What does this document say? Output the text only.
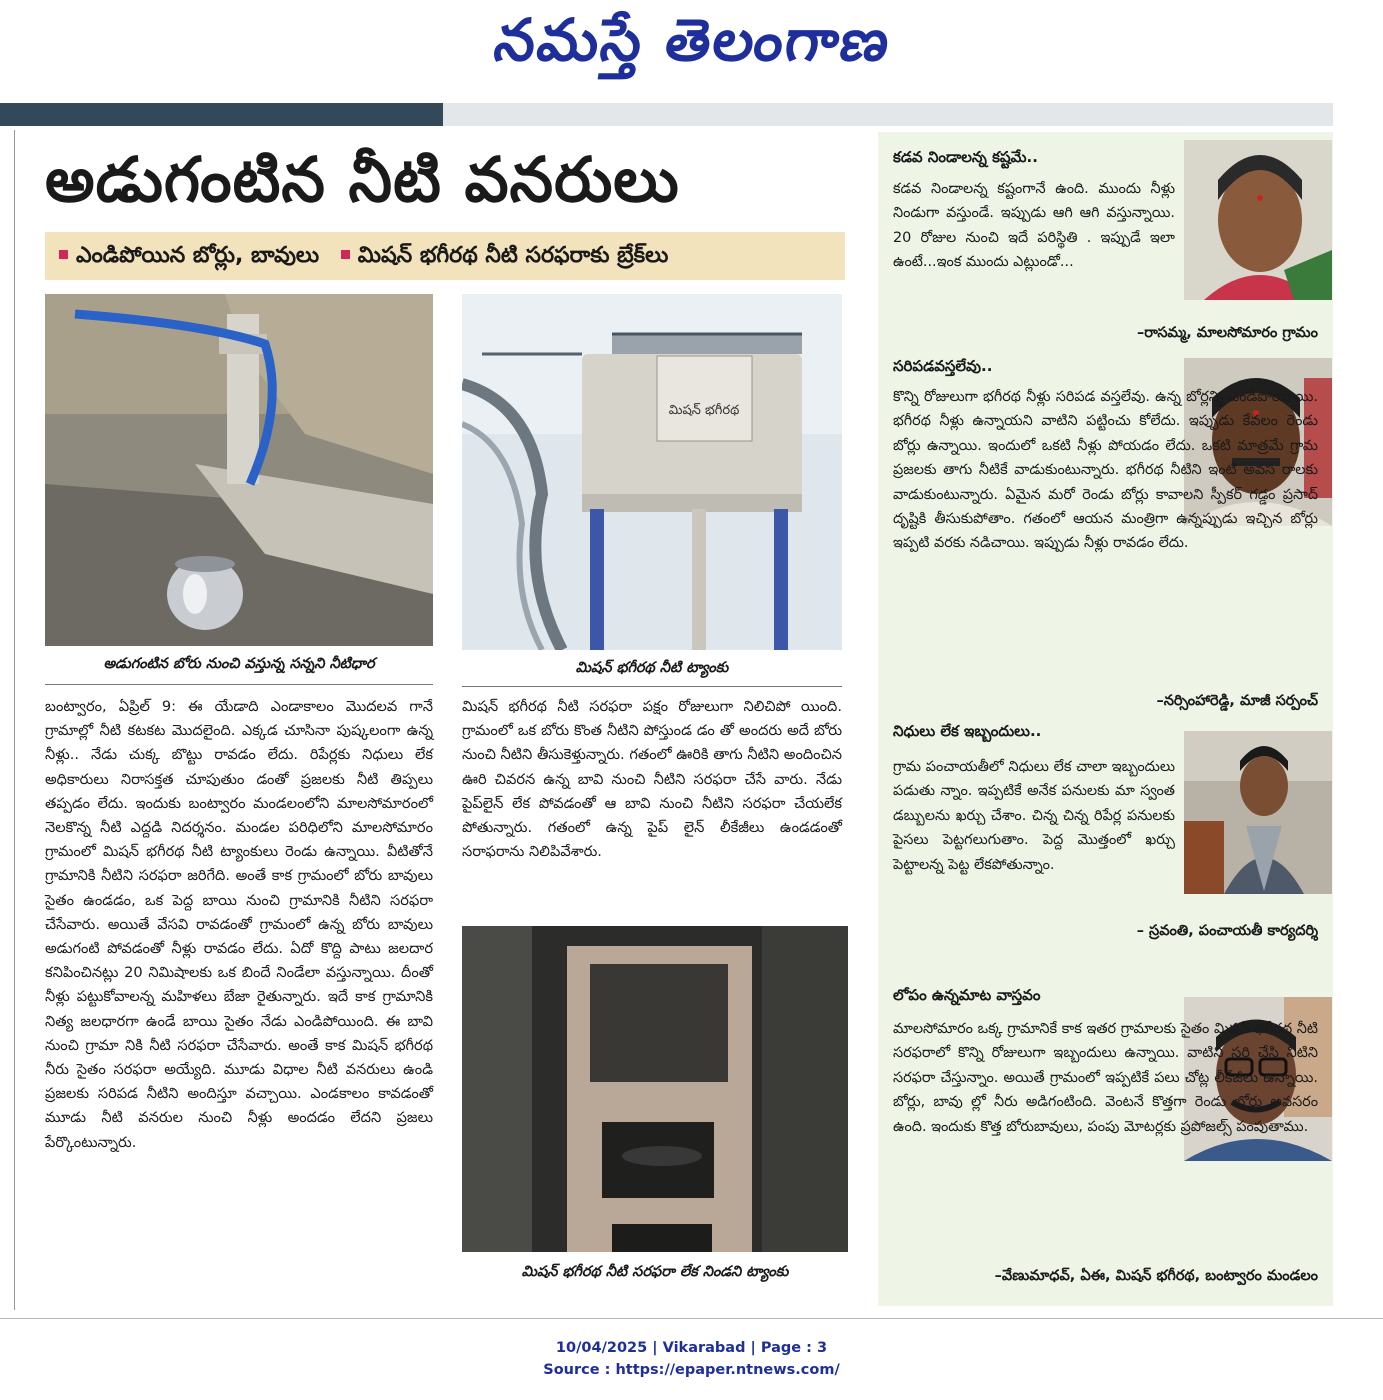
నమస్తే తెలంగాణ
అడుగంటిన నీటి వనరులు
ఎండిపోయిన బోర్లు, బావులు మిషన్ భగీరథ నీటి సరఫరాకు బ్రేక్‌లు
అడుగంటిన బోరు నుంచి వస్తున్న సన్నని నీటిధార
మిషన్ భగీరథ
మిషన్ భగీరథ నీటి ట్యాంకు

బంట్వారం, ఏప్రిల్ 9: ఈ యేడాది ఎండాకాలం మొదలవ గానే గ్రామాల్లో నీటి కటకట మొదలైంది. ఎక్కడ చూసినా పుష్కలంగా ఉన్న నీళ్లు.. నేడు చుక్క బొట్టు రావడం లేదు. రిపేర్లకు నిధులు లేక అధికారులు నిరాసక్తత చూపుతుం డంతో ప్రజలకు నీటి తిప్పలు తప్పడం లేదు. ఇందుకు బంట్వారం మండలంలోని మాలసోమారంలో నెలకొన్న నీటి ఎద్దడి నిదర్శనం. మండల పరిధిలోని మాలసోమారం గ్రామంలో మిషన్ భగీరథ నీటి ట్యాంకులు రెండు ఉన్నాయి. వీటితోనే గ్రామానికి నీటిని సరఫరా జరిగేది. అంతే కాక గ్రామంలో బోరు బావులు సైతం ఉండడం, ఒక పెద్ద బాయి నుంచి గ్రామానికి నీటిని సరఫరా చేసేవారు. అయితే వేసవి రావడంతో గ్రామంలో ఉన్న బోరు బావులు అడుగంటి పోవడంతో నీళ్లు రావడం లేదు. ఏదో కొద్ది పాటు జలదార కనిపించినట్లు 20 నిమిషాలకు ఒక బిందే నిండేలా వస్తున్నాయి. దీంతో నీళ్లు పట్టుకోవాలన్న మహిళలు బేజా రైతున్నారు. ఇదే కాక గ్రామానికి నిత్య జలధారగా ఉండే బాయి సైతం నేడు ఎండిపోయింది. ఈ బావి నుంచి గ్రామా నికి నీటి సరఫరా చేసేవారు. అంతే కాక మిషన్ భగీరథ నీరు సైతం సరఫరా అయ్యేది. మూడు విధాల నీటి వనరులు ఉండి ప్రజలకు సరిపడ నీటిని అందిస్తూ వచ్చాయి. ఎండకాలం కావడంతో మూడు నీటి వనరుల నుంచి నీళ్లు అందడం లేదని ప్రజలు పేర్కొంటున్నారు.

మిషన్ భగీరథ నీటి సరఫరా పక్షం రోజులుగా నిలిచిపో యింది. గ్రామంలో ఒక బోరు కొంత నీటిని పోస్తుండ డం తో అందరు అదే బోరు నుంచి నీటిని తీసుకెళ్తున్నారు. గతంలో ఊరికి తాగు నీటిని అందించిన ఊరి చివరన ఉన్న బావి నుంచి నీటిని సరఫరా చేసే వారు. నేడు పైప్‌లైన్ లేక పోవడంతో ఆ బావి నుంచి నీటిని సరఫరా చేయలేక పోతున్నారు. గతంలో ఉన్న పైప్ లైన్ లీకేజీలు ఉండడంతో సరాఫరాను నిలిపివేశారు.

మిషన్ భగీరథ నీటి సరఫరా లేక నిండని ట్యాంకు
కడవ నిండాలన్న కష్టమే..
కడవ నిండాలన్న కష్టంగానే ఉంది. ముందు నీళ్లు నిండుగా వస్తుండే. ఇప్పుడు ఆగి ఆగి వస్తున్నాయి. 20 రోజుల నుంచి ఇదే పరిస్థితి . ఇప్పుడే ఇలా ఉంటే...ఇంక ముందు ఎట్లుండో...
–రాసమ్మ, మాలసోమారం గ్రామం
సరిపడవస్తలేవు..
కొన్ని రోజులుగా భగీరథ నీళ్లు సరిపడ వస్తలేవు. ఉన్న బోర్లన్ని ఎండిపోయాయి. భగీరథ నీళ్లు ఉన్నాయని వాటిని పట్టించు కోలేదు. ఇప్పుడు కేవలం రెండు బోర్లు ఉన్నాయి. ఇందులో ఒకటి నీళ్లు పోయడం లేదు. ఒకటి మాత్రమే గ్రామ ప్రజలకు తాగు నీటికే వాడుకుంటున్నారు. భగీరథ నీటిని ఇంటి అవస రాలకు వాడుకుంటున్నారు. ఏమైన మరో రెండు బోర్లు కావాలని స్పీకర్ గడ్డం ప్రసాద్ దృష్టికి తీసుకుపోతాం. గతంలో ఆయన మంత్రిగా ఉన్నప్పుడు ఇచ్చిన బోర్లు ఇప్పటి వరకు నడిచాయి. ఇప్పుడు నీళ్లు రావడం లేదు.
–నర్సింహారెడ్డి, మాజీ సర్పంచ్
నిధులు లేక ఇబ్బందులు..
గ్రామ పంచాయతీలో నిధులు లేక చాలా ఇబ్బందులు పడుతు న్నాం. ఇప్పటికే అనేక పనులకు మా స్వంత డబ్బులను ఖర్చు చేశాం. చిన్న చిన్న రిపేర్ల పనులకు పైసలు పెట్టగలుగుతాం. పెద్ద మొత్తంలో ఖర్చు పెట్టాలన్న పెట్ట లేకపోతున్నాం.
– స్రవంతి, పంచాయతీ కార్యదర్శి
లోపం ఉన్నమాట వాస్తవం
మాలసోమారం ఒక్క గ్రామానికే కాక ఇతర గ్రామాలకు సైతం మిషన్ భగీరథ నీటి సరఫరాలో కొన్ని రోజులుగా ఇబ్బందులు ఉన్నాయి. వాటిని సరి చేసి నీటిని సరఫరా చేస్తున్నాం. అయితే గ్రామంలో ఇప్పటికే పలు చోట్ల లీకేజీలు ఉన్నాయి. బోర్లు, బావు ల్లో నీరు అడిగంటింది. వెంటనే కొత్తగా రెండు బోర్లు అవసరం ఉంది. ఇందుకు కొత్త బోరుబావులు, పంపు మోటర్లకు ప్రపోజల్స్ పంపుతాము.
–వేణుమాధవ్, ఏఈ, మిషన్ భగీరథ, బంట్వారం మండలం
10/04/2025 | Vikarabad | Page : 3
Source : https://epaper.ntnews.com/
